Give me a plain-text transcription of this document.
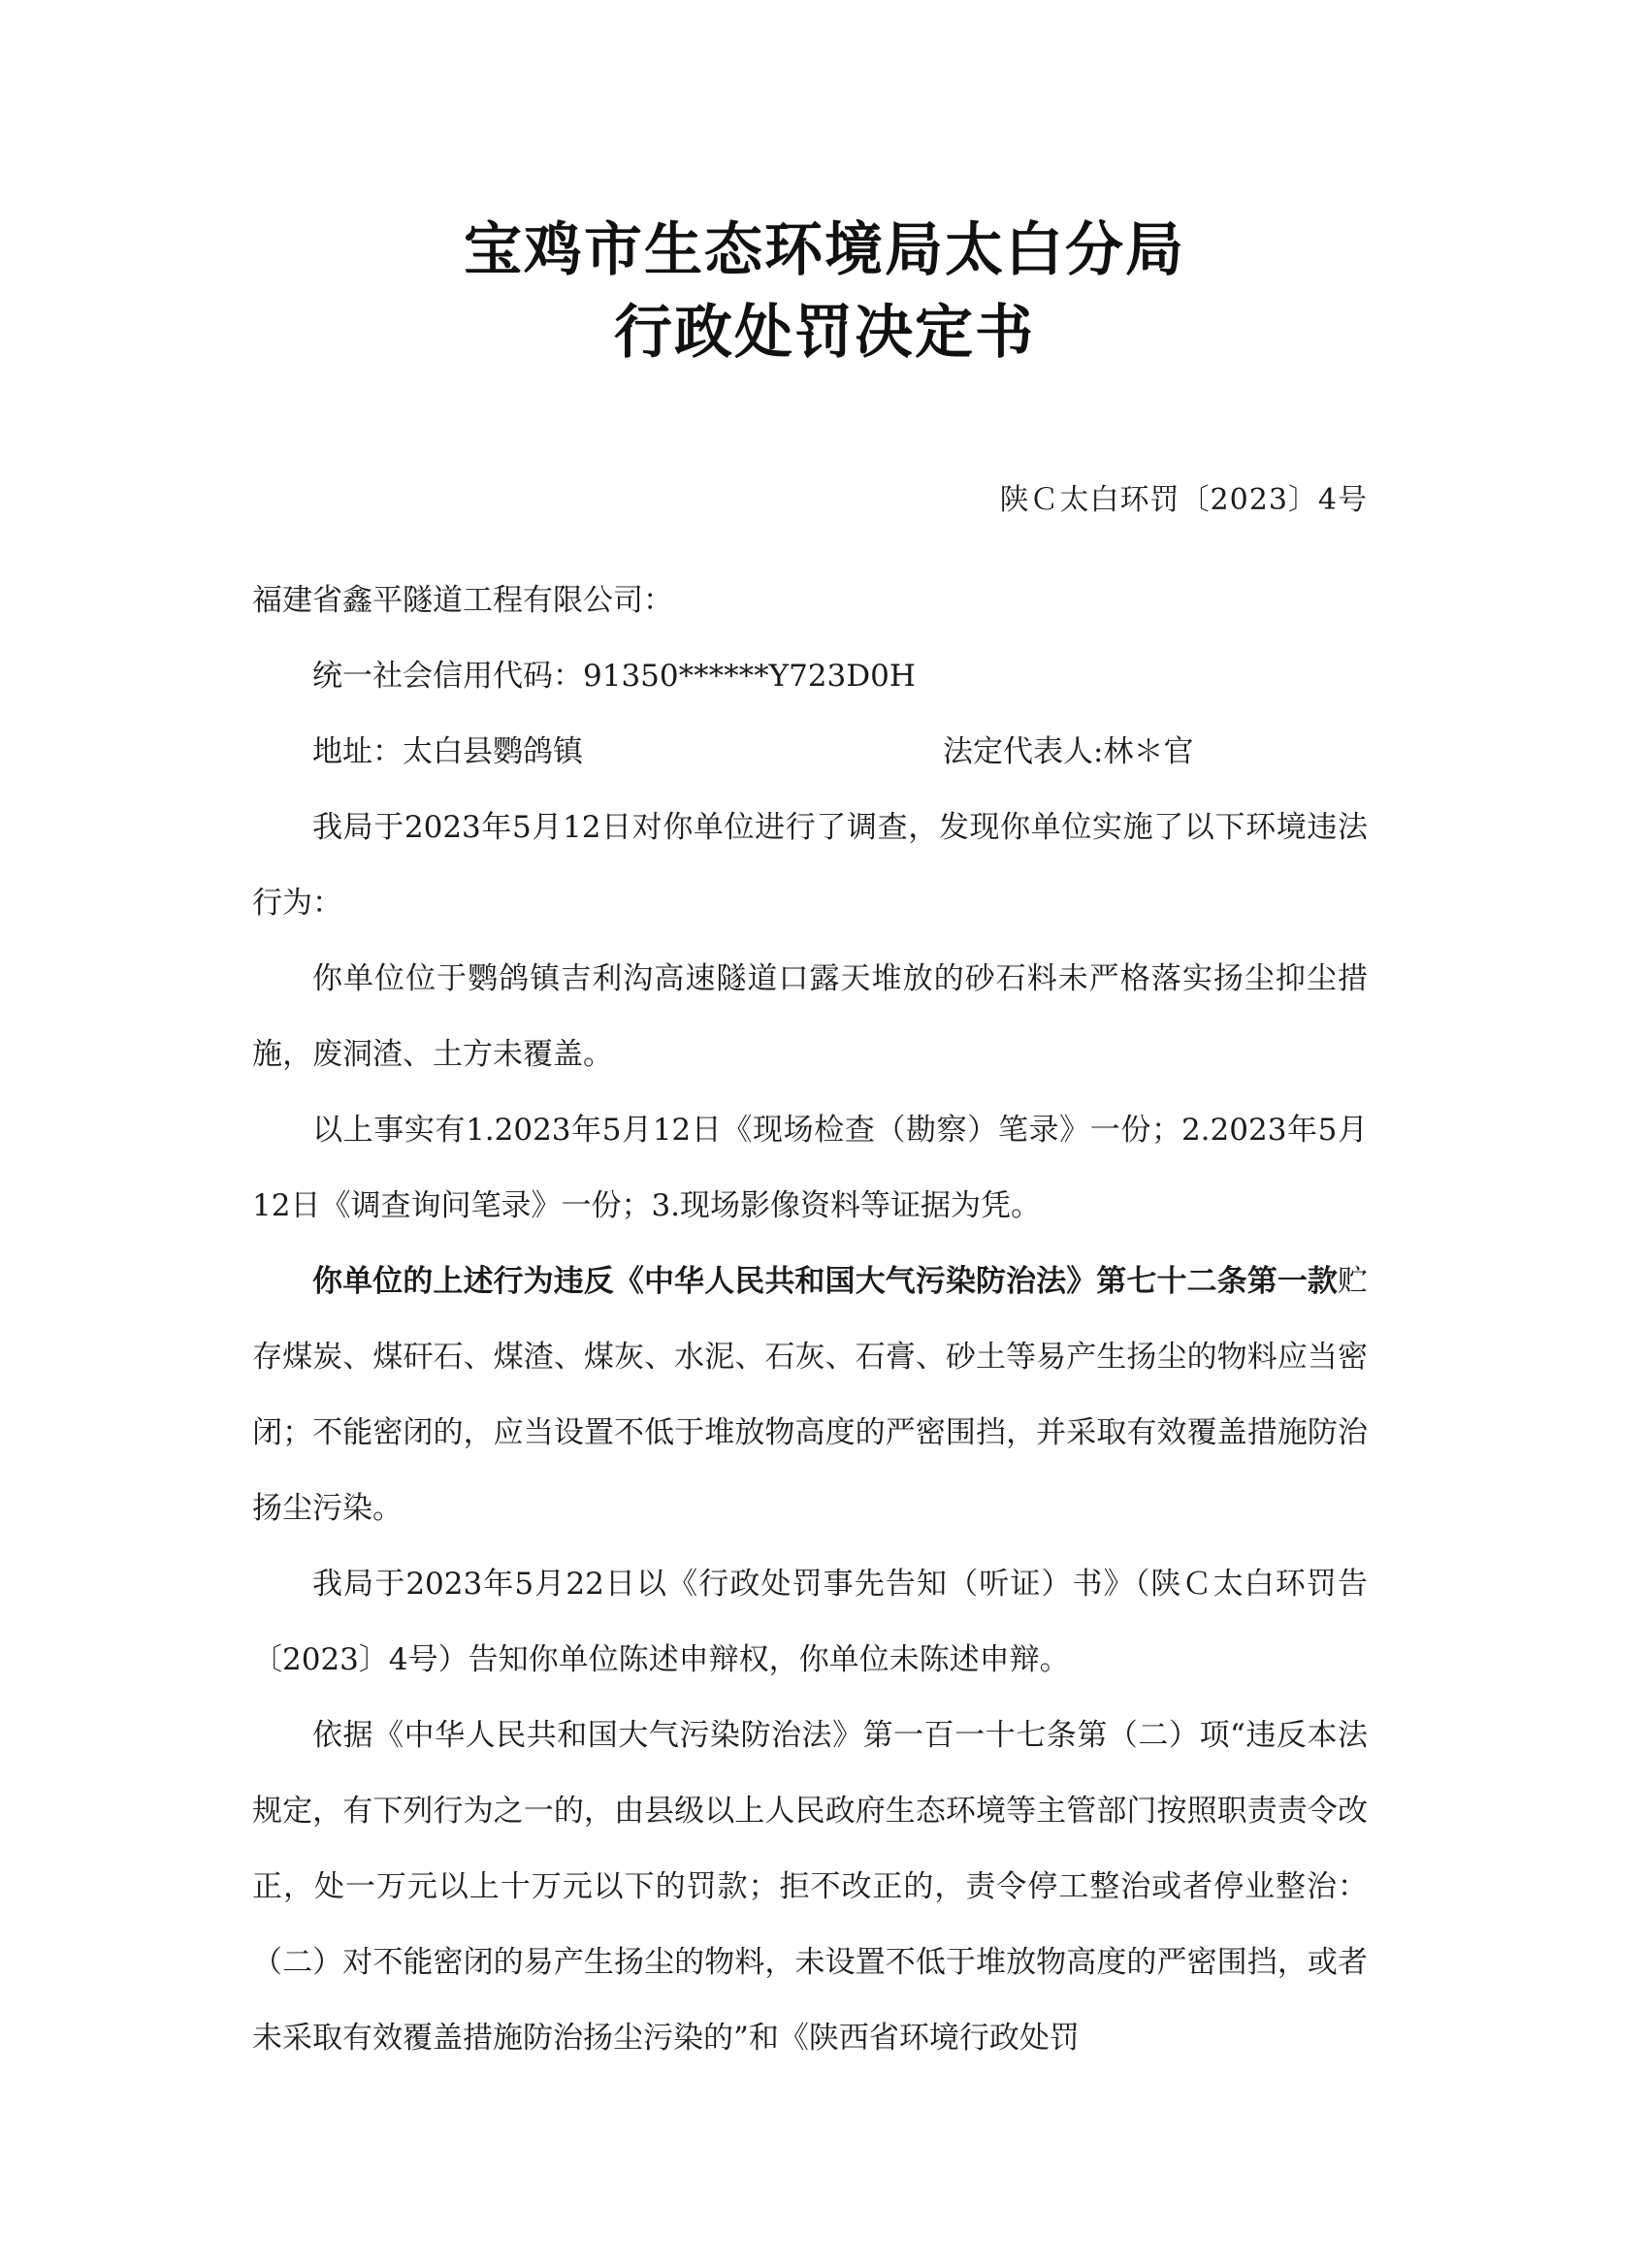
宝鸡市生态环境局太白分局
行政处罚决定书
陕Ｃ太白环罚〔2023〕4号

福建省鑫平隧道工程有限公司：

统一社会信用代码：91350******Y723D0H

地址：太白县鹦鸽镇	法定代表人:林＊官

我局于2023年5月12日对你单位进行了调查，发现你单位实施了以下环境违法行为：

你单位位于鹦鸽镇吉利沟高速隧道口露天堆放的砂石料未严格落实扬尘抑尘措施，废洞渣、土方未覆盖。

以上事实有1.2023年5月12日《现场检查（勘察）笔录》一份；2.2023年5月12日《调查询问笔录》一份；3.现场影像资料等证据为凭。

你单位的上述行为违反《中华人民共和国大气污染防治法》第七十二条第一款贮存煤炭、煤矸石、煤渣、煤灰、水泥、石灰、石膏、砂土等易产生扬尘的物料应当密闭；不能密闭的，应当设置不低于堆放物高度的严密围挡，并采取有效覆盖措施防治扬尘污染。

我局于2023年5月22日以《行政处罚事先告知（听证）书》（陕Ｃ太白环罚告〔2023〕4号）告知你单位陈述申辩权，你单位未陈述申辩。

依据《中华人民共和国大气污染防治法》第一百一十七条第（二）项“违反本法规定，有下列行为之一的，由县级以上人民政府生态环境等主管部门按照职责责令改正，处一万元以上十万元以下的罚款；拒不改正的，责令停工整治或者停业整治：（二）对不能密闭的易产生扬尘的物料，未设置不低于堆放物高度的严密围挡，或者未采取有效覆盖措施防治扬尘污染的”和《陕西省环境行政处罚
